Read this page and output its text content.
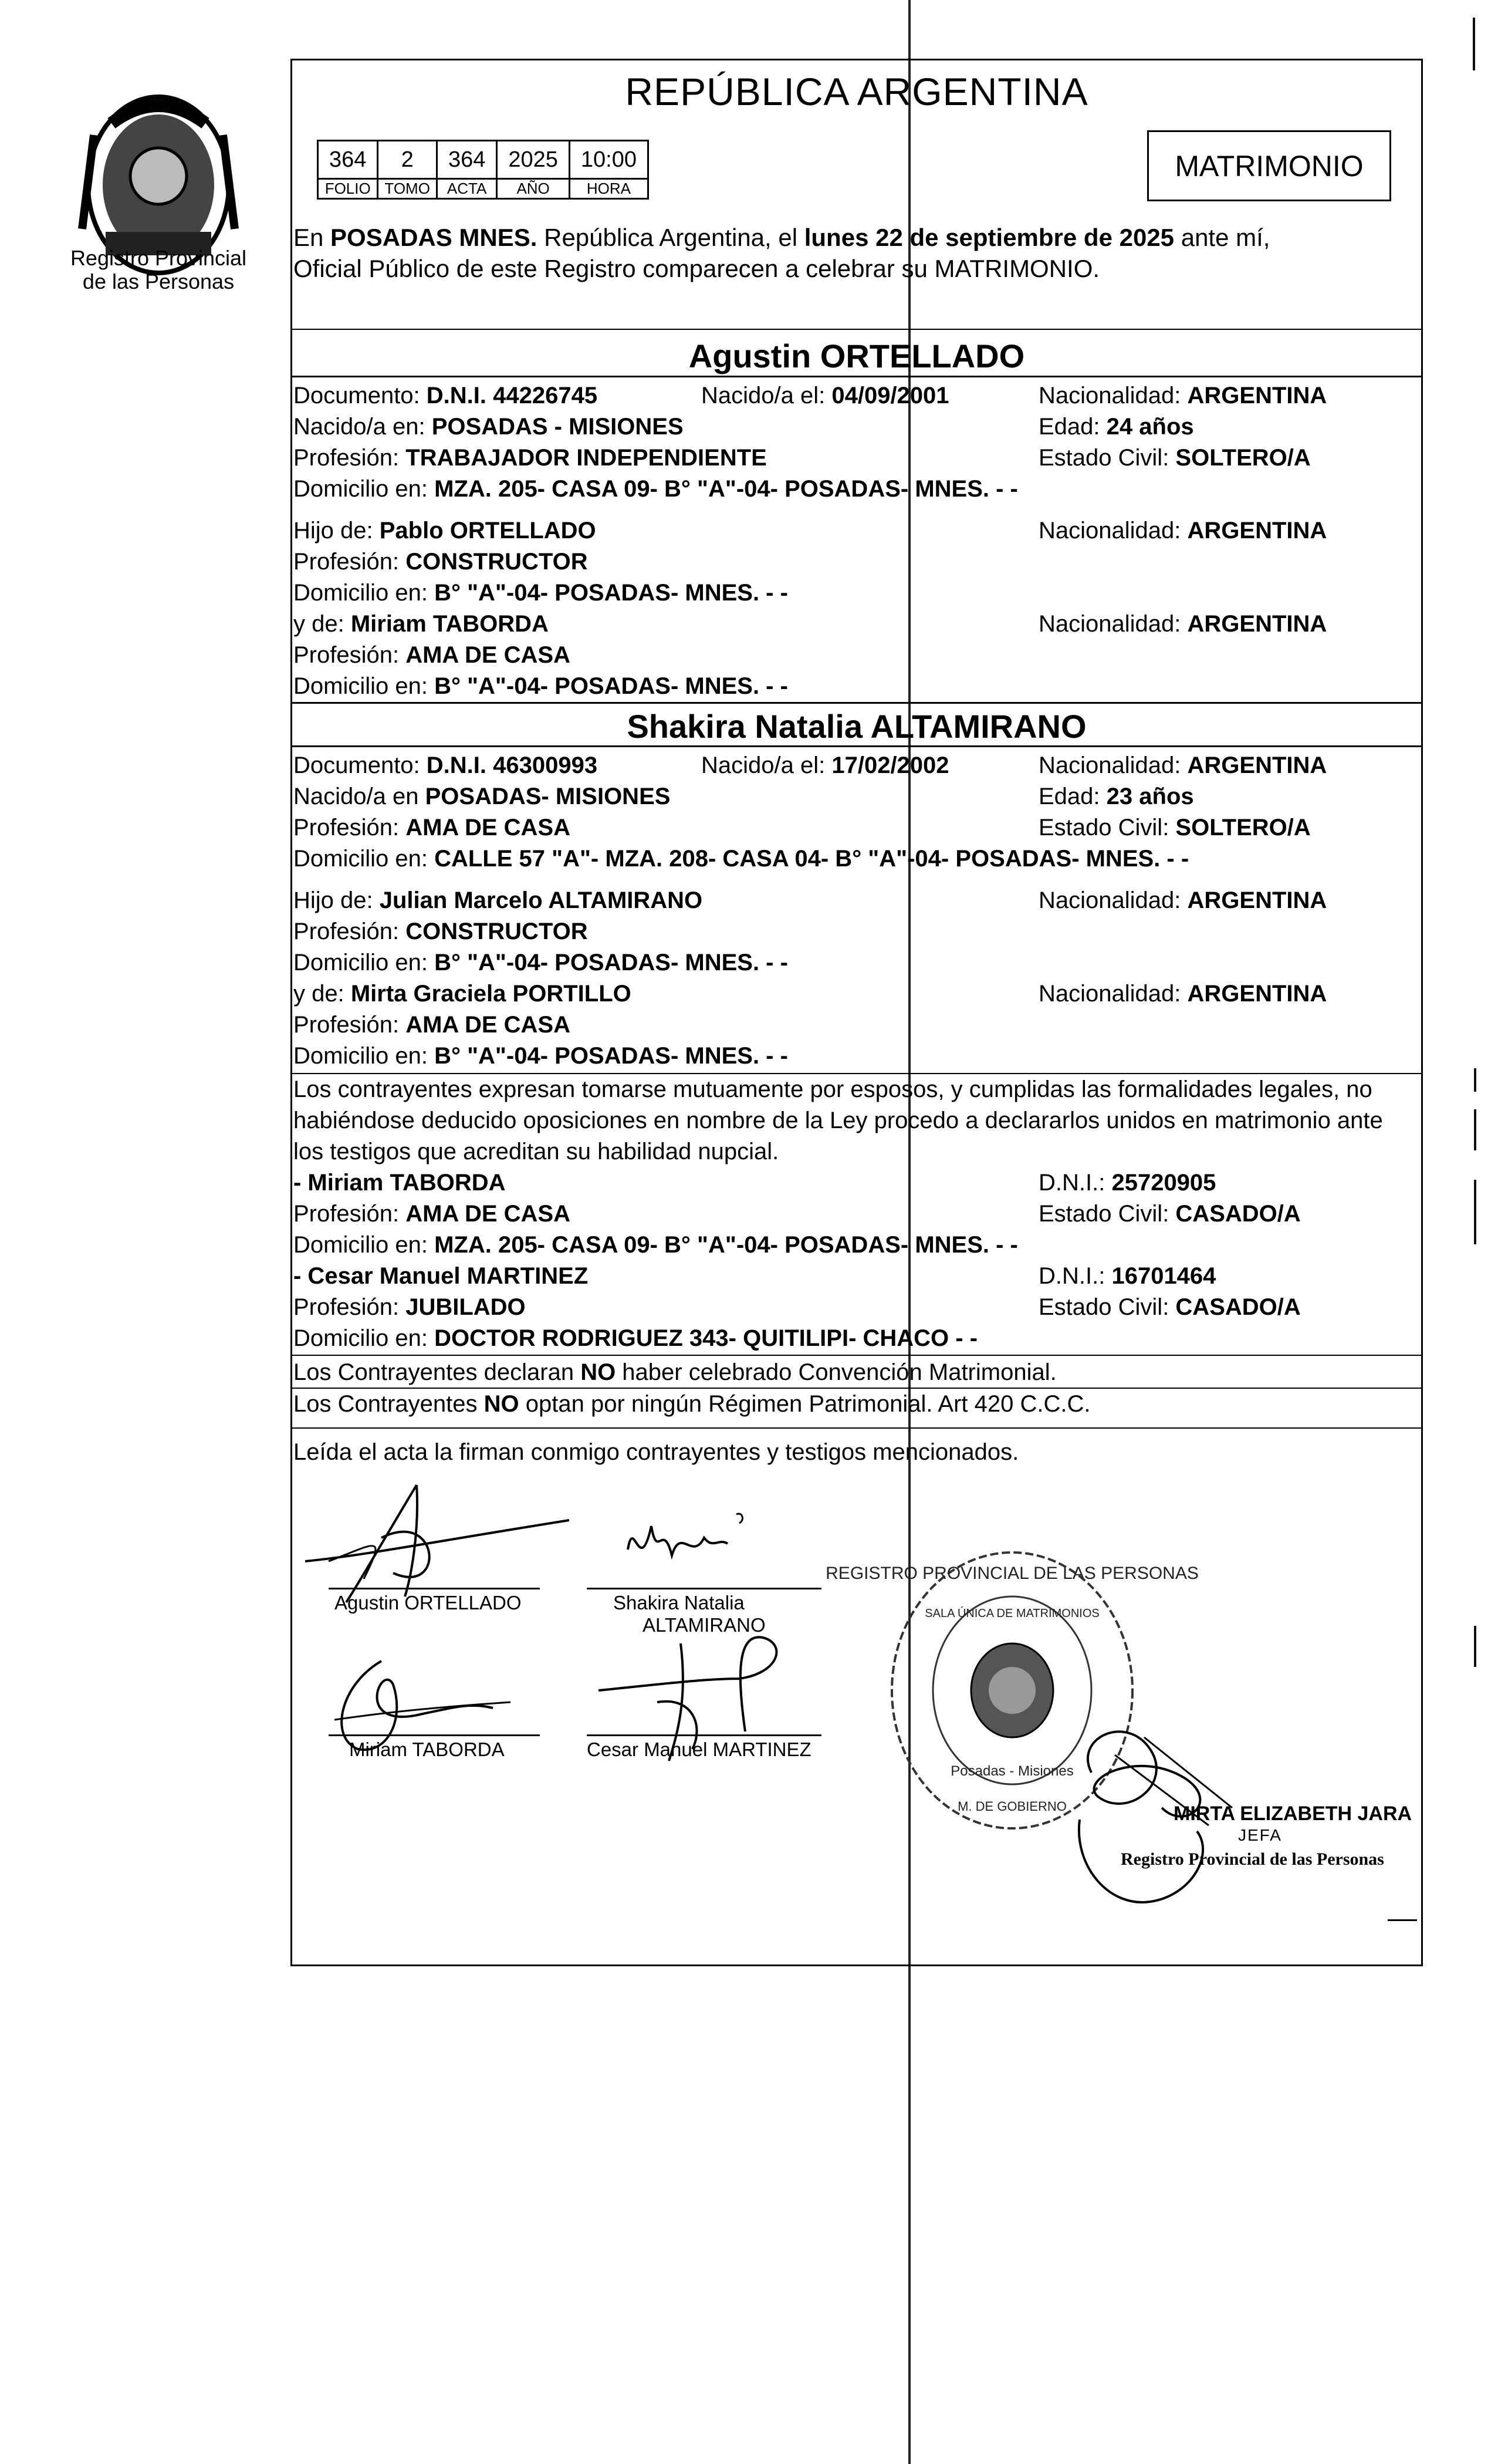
Registro Provincial
de las Personas
REPÚBLICA ARGENTINA
364	2	364	2025	10:00
FOLIO	TOMO	ACTA	AÑO	HORA
MATRIMONIO
En POSADAS MNES. República Argentina, el lunes 22 de septiembre de 2025 ante mí,
Oficial Público de este Registro comparecen a celebrar su MATRIMONIO.
Agustin ORTELLADO
Documento: D.N.I. 44226745	Nacido/a el: 04/09/2001	Nacionalidad: ARGENTINA
Nacido/a en: POSADAS - MISIONES	Edad: 24 años
Profesión: TRABAJADOR INDEPENDIENTE	Estado Civil: SOLTERO/A
Domicilio en: MZA. 205- CASA 09- B° "A"-04- POSADAS- MNES. - -
Hijo de: Pablo ORTELLADO	Nacionalidad: ARGENTINA
Profesión: CONSTRUCTOR
Domicilio en: B° "A"-04- POSADAS- MNES. - -
y de: Miriam TABORDA	Nacionalidad: ARGENTINA
Profesión: AMA DE CASA
Domicilio en: B° "A"-04- POSADAS- MNES. - -
Shakira Natalia ALTAMIRANO
Documento: D.N.I. 46300993	Nacido/a el: 17/02/2002	Nacionalidad: ARGENTINA
Nacido/a en POSADAS- MISIONES	Edad: 23 años
Profesión: AMA DE CASA	Estado Civil: SOLTERO/A
Domicilio en: CALLE 57 "A"- MZA. 208- CASA 04- B° "A"-04- POSADAS- MNES. - -
Hijo de: Julian Marcelo ALTAMIRANO	Nacionalidad: ARGENTINA
Profesión: CONSTRUCTOR
Domicilio en: B° "A"-04- POSADAS- MNES. - -
y de: Mirta Graciela PORTILLO	Nacionalidad: ARGENTINA
Profesión: AMA DE CASA
Domicilio en: B° "A"-04- POSADAS- MNES. - -
Los contrayentes expresan tomarse mutuamente por esposos, y cumplidas las formalidades legales, no
habiéndose deducido oposiciones en nombre de la Ley procedo a declararlos unidos en matrimonio ante
los testigos que acreditan su habilidad nupcial.
- Miriam TABORDA	D.N.I.: 25720905
Profesión: AMA DE CASA	Estado Civil: CASADO/A
Domicilio en: MZA. 205- CASA 09- B° "A"-04- POSADAS- MNES. - -
- Cesar Manuel MARTINEZ	D.N.I.: 16701464
Profesión: JUBILADO	Estado Civil: CASADO/A
Domicilio en: DOCTOR RODRIGUEZ 343- QUITILIPI- CHACO - -
Los Contrayentes declaran NO haber celebrado Convención Matrimonial.
Los Contrayentes NO optan por ningún Régimen Patrimonial. Art 420 C.C.C.
Leída el acta la firman conmigo contrayentes y testigos mencionados.
Agustin ORTELLADO	Shakira Natalia
ALTAMIRANO
Miriam TABORDA	Cesar Manuel MARTINEZ
REGISTRO PROVINCIAL DE LAS PERSONAS
SALA ÚNICA DE MATRIMONIOS
Posadas - Misiones
M. DE GOBIERNO	MIRTA ELIZABETH JARA
JEFA
Registro Provincial de las Personas
